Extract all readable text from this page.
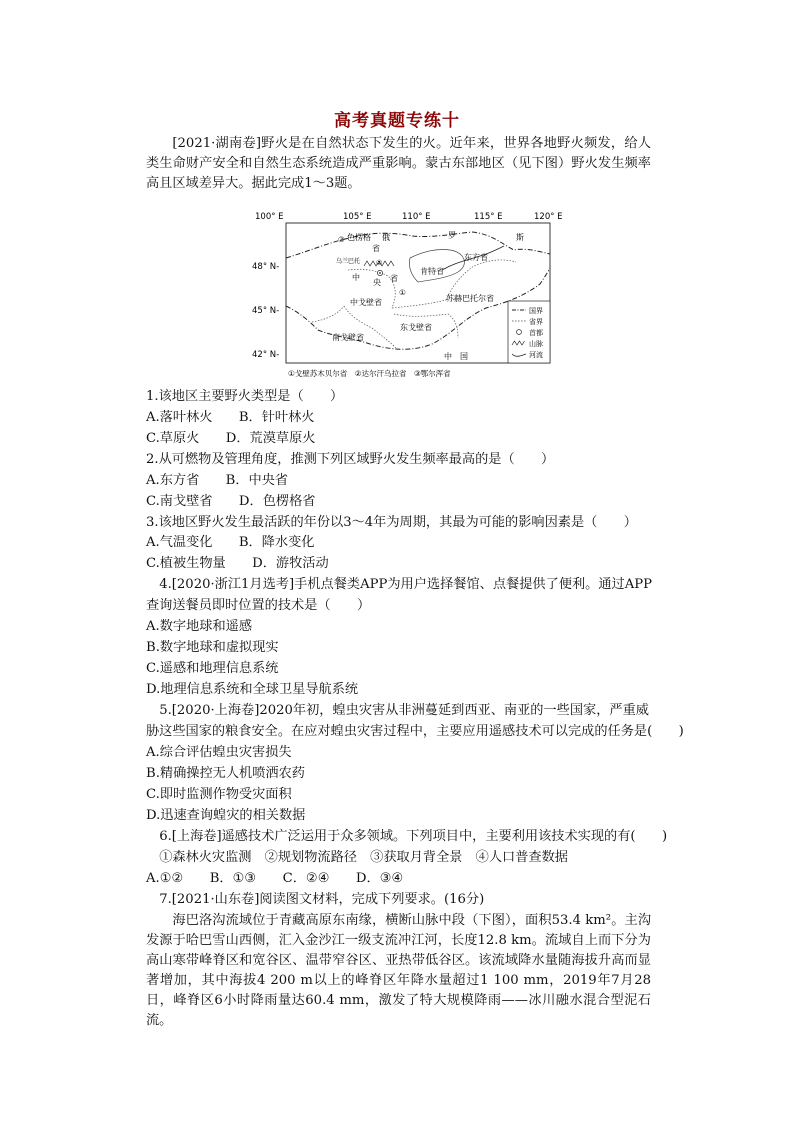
高考真题专练十

[2021·湖南卷]野火是在自然状态下发生的火。近年来，世界各地野火频发，给人类生命财产安全和自然生态系统造成严重影响。蒙古东部地区（见下图）野火发生频率高且区域差异大。据此完成1～3题。

100° E	105° E	110° E	115° E	120° E
48° N-
45° N-
42° N-
色楞格 俄	罗	斯
省
乌兰巴托	东方省
中
央 省
肯特省
苏赫巴托尔省
中戈壁省
东戈壁省
南戈壁省
中　国
③
②
①
国界
省界
首都
山脉
河流
①戈壁苏木贝尔省　②达尔汗乌拉省　③鄂尔浑省
1.该地区主要野火类型是（　　）
A.落叶林火　　B．针叶林火
C.草原火　　D．荒漠草原火
2.从可燃物及管理角度，推测下列区域野火发生频率最高的是（　　）
A.东方省　　B．中央省
C.南戈壁省　　D．色楞格省
3.该地区野火发生最活跃的年份以3～4年为周期，其最为可能的影响因素是（　　）
A.气温变化　　B．降水变化
C.植被生物量　　D．游牧活动
4.[2020·浙江1月选考]手机点餐类APP为用户选择餐馆、点餐提供了便利。通过APP
查询送餐员即时位置的技术是（　　）
A.数字地球和遥感
B.数字地球和虚拟现实
C.遥感和地理信息系统
D.地理信息系统和全球卫星导航系统
5.[2020·上海卷]2020年初，蝗虫灾害从非洲蔓延到西亚、南亚的一些国家，严重威
胁这些国家的粮食安全。在应对蝗虫灾害过程中，主要应用遥感技术可以完成的任务是(　　)
A.综合评估蝗虫灾害损失
B.精确操控无人机喷洒农药
C.即时监测作物受灾面积
D.迅速查询蝗灾的相关数据
6.[上海卷]遥感技术广泛运用于众多领域。下列项目中，主要利用该技术实现的有(　　)
①森林火灾监测　②规划物流路径　③获取月背全景　④人口普查数据
A.①②　　B．①③　　C．②④　　D．③④
7.[2021·山东卷]阅读图文材料，完成下列要求。(16分)

海巴洛沟流域位于青藏高原东南缘，横断山脉中段（下图），面积53.4 km²。主沟发源于哈巴雪山西侧，汇入金沙江一级支流冲江河，长度12.8 km。流域自上而下分为高山寒带峰脊区和宽谷区、温带窄谷区、亚热带低谷区。该流域降水量随海拔升高而显著增加，其中海拔4 200 m以上的峰脊区年降水量超过1 100 mm，2019年7月28日，峰脊区6小时降雨量达60.4 mm，激发了特大规模降雨——冰川融水混合型泥石流。
